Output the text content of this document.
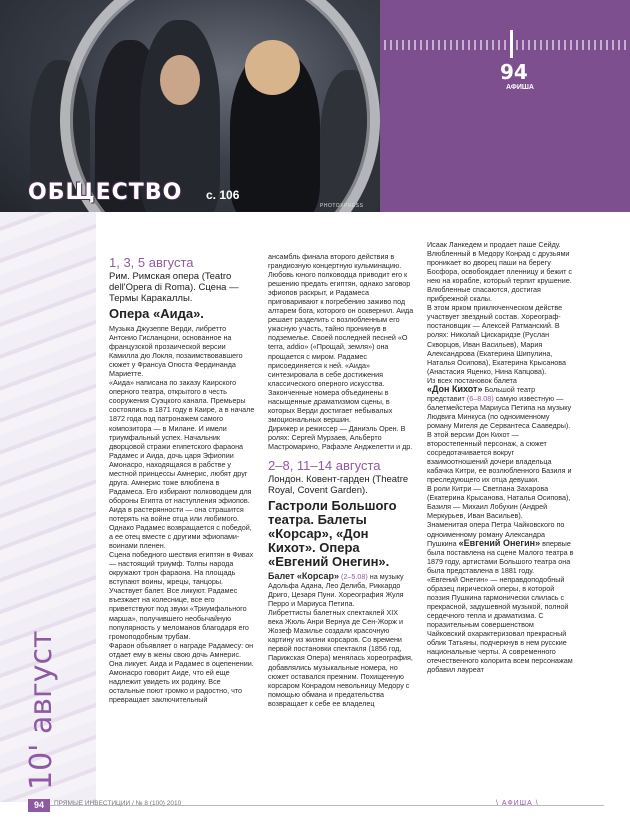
PHOTOXPRESS
ОБЩЕСТВО с. 106
94
АФИША
10' август
1, 3, 5 августа
Рим. Римская опера (Teatro dell'Opera di Roma). Сцена — Термы Каракаллы.
Опера «Аида».

Музыка Джузеппе Верди, либретто Антонио Гисланцони, основанное на французской прозаической версии Камилла дю Локля, позаимствовавшего сюжет у Франсуа Огюста Фердинанда Мариетте.

«Аида» написана по заказу Каирского оперного театра, открытого в честь сооружения Суэцкого канала. Премьеры состоялись в 1871 году в Каире, а в начале 1872 года под патронажем самого композитора — в Милане. И имели триумфальный успех. Начальник дворцовой стражи египетского фараона Радамес и Аида, дочь царя Эфиопии Амонасро, находящаяся в рабстве у местной принцессы Амнерис, любят друг друга. Амнерис тоже влюблена в Радамеса. Его избирают полководцем для обороны Египта от наступления эфиопов. Аида в растерянности — она страшится потерять на войне отца или любимого. Однако Радамес возвращается с победой, а ее отец вместе с другими эфиопами-воинами пленен.

Сцена победного шествия египтян в Фивах — настоящий триумф. Толпы народа окружают трон фараона. На площадь вступают воины, жрецы, танцоры. Участвует балет. Все ликуют. Радамес въезжает на колеснице, все его приветствуют под звуки «Триумфального марша», получившего необычайную популярность у меломанов благодаря его громоподобным трубам.

Фараон объявляет о награде Радамесу: он отдает ему в жены свою дочь Амнерис. Она ликует. Аида и Радамес в оцепенении. Амонасро говорит Аиде, что ей еще надлежит увидеть их родину. Все остальные поют громко и радостно, что превращает заключительный

ансамбль финала второго действия в грандиозную концертную кульминацию. Любовь юного полководца приводит его к решению предать египтян, однако заговор эфиопов раскрыт, и Радамеса приговаривают к погребению заживо под алтарем бога, которого он осквернил. Аида решает разделить с возлюбленным его ужасную участь, тайно проникнув в подземелье. Своей последней песней «О terra, addio» («Прощай, земля») она прощается с миром. Радамес присоединяется к ней. «Аида» синтезировала в себе достижения классического оперного искусства. Законченные номера объединены в насыщенные драматизмом сцены, в которых Верди достигает небывалых эмоциональных вершин.

Дирижер и режиссер — Даниэль Орен. В ролях: Сергей Мурзаев, Альберто Мастромарино, Рафаэле Анджелетти и др.

2–8, 11–14 августа
Лондон. Ковент-гарден (Theatre Royal, Covent Garden).
Гастроли Большого театра. Балеты «Корсар», «Дон Кихот». Опера «Евгений Онегин».

Балет «Корсар» (2–5.08) на музыку Адольфа Адана, Лео Делиба, Риккардо Дриго, Цезаря Пуни. Хореография Жуля Перро и Мариуса Петипа.

Либреттисты балетных спектаклей XIX века Жюль Анри Вернуа де Сен-Жорж и Жозеф Мазилье создали красочную картину из жизни корсаров. Со времени первой постановки спектакля (1856 год, Парижская Опера) менялась хореография, добавлялись музыкальные номера, но сюжет оставался прежним. Похищенную корсаром Конрадом невольницу Медору с помощью обмана и предательства возвращает к себе ее владелец

Исаак Ланкедем и продает паше Сейду. Влюбленный в Медору Конрад с друзьями проникает во дворец паши на берегу Босфора, освобождает пленницу и бежит с нею на корабле, который терпит крушение. Влюбленные спасаются, достигая прибрежной скалы.

В этом ярком приключенческом действе участвует звездный состав. Хореограф-постановщик — Алексей Ратманский. В ролях: Николай Цискаридзе (Руслан Скворцов, Иван Васильев), Мария Александрова (Екатерина Шипулина, Наталья Осипова), Екатерина Крысанова (Анастасия Яценко, Нина Капцова).

Из всех постановок балета

«Дон Кихот» Большой театр представит (6–8.08) самую известную — балетмейстера Мариуса Петипа на музыку Людвига Минкуса (по одноименному роману Мигеля де Сервантеса Сааведры). В этой версии Дон Кихот — второстепенный персонаж, а сюжет сосредотачивается вокруг взаимоотношений дочери владельца кабачка Китри, ее возлюбленного Базиля и преследующего их отца девушки.

В роли Китри — Светлана Захарова (Екатерина Крысанова, Наталья Осипова), Базиля — Михаил Лобухин (Андрей Меркурьев, Иван Васильев).

Знаменитая опера Петра Чайковского по одноименному роману Александра Пушкина «Евгений Онегин» впервые была поставлена на сцене Малого театра в 1879 году, артистами Большого театра она была представлена в 1881 году.

«Евгений Онегин» — неправдоподобный образец лирической оперы, в которой поэзия Пушкина гармонически слилась с прекрасной, задушевной музыкой, полной сердечного тепла и драматизма. С поразительным совершенством Чайковский охарактеризовал прекрасный облик Татьяны, подчеркнув в нем русские национальные черты. А современного отечественного колорита всем персонажам добавил лауреат

94	ПРЯМЫЕ ИНВЕСТИЦИИ / № 8 (100) 2010	\ АФИША \
